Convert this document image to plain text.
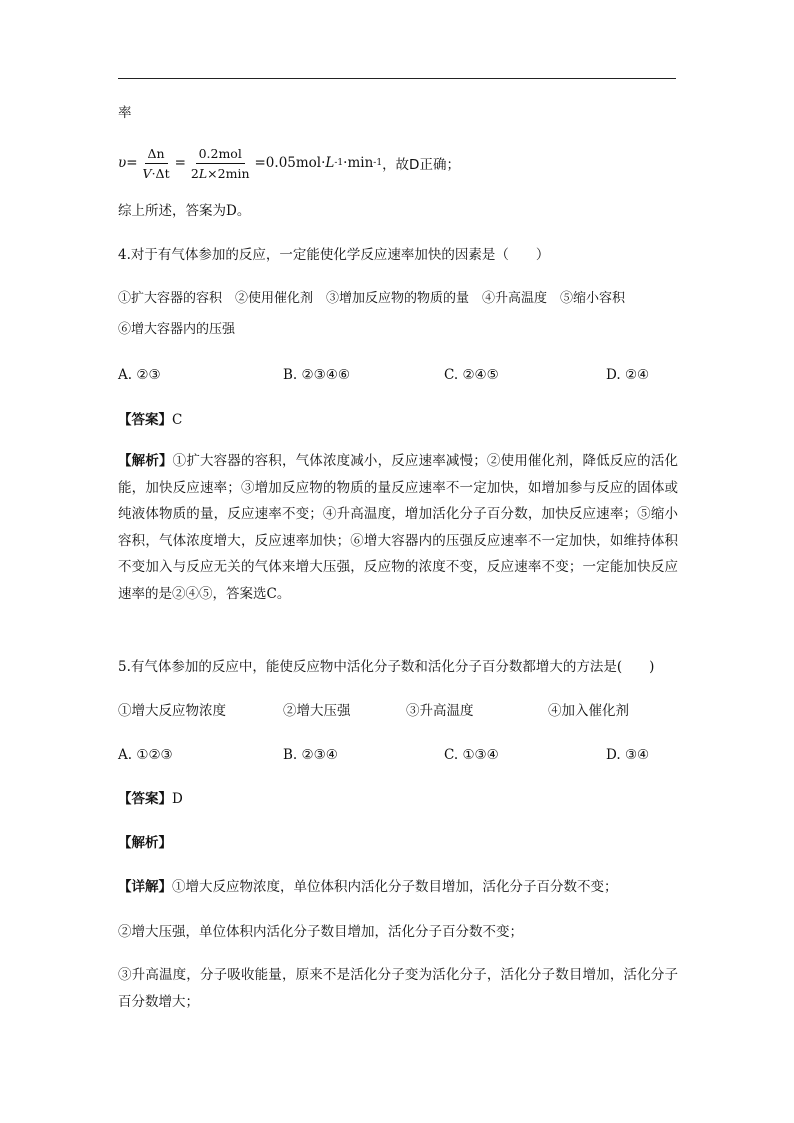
率
$\upsilon= \frac{\Delta n}{V\cdot\Delta t} = \frac{\text{0.2mol}}{2L\times 2\min} =0.05mol\cdot L$ -1 ·min -1 ，故D正确；
综上所述，答案为D。
4.对于有气体参加的反应，一定能使化学反应速率加快的因素是（　　）
①扩大容器的容积　②使用催化剂　③增加反应物的物质的量　④升高温度　⑤缩小容积
⑥增大容器内的压强
A. ②③	B. ②③④⑥	C. ②④⑤	D. ②④
【答案】C
【解析】①扩大容器的容积，气体浓度减小，反应速率减慢；②使用催化剂，降低反应的活化能，加快反应速率；③增加反应物的物质的量反应速率不一定加快，如增加参与反应的固体或纯液体物质的量，反应速率不变；④升高温度，增加活化分子百分数，加快反应速率；⑤缩小容积，气体浓度增大，反应速率加快；⑥增大容器内的压强反应速率不一定加快，如维持体积不变加入与反应无关的气体来增大压强，反应物的浓度不变，反应速率不变；一定能加快反应速率的是②④⑤，答案选C。
5.有气体参加的反应中，能使反应物中活化分子数和活化分子百分数都增大的方法是(　　)
①增大反应物浓度	②增大压强	③升高温度	④加入催化剂
A. ①②③	B. ②③④	C. ①③④	D. ③④
【答案】D
【解析】
【详解】①增大反应物浓度，单位体积内活化分子数目增加，活化分子百分数不变；
②增大压强，单位体积内活化分子数目增加，活化分子百分数不变；
③升高温度，分子吸收能量，原来不是活化分子变为活化分子，活化分子数目增加，活化分子百分数增大；
